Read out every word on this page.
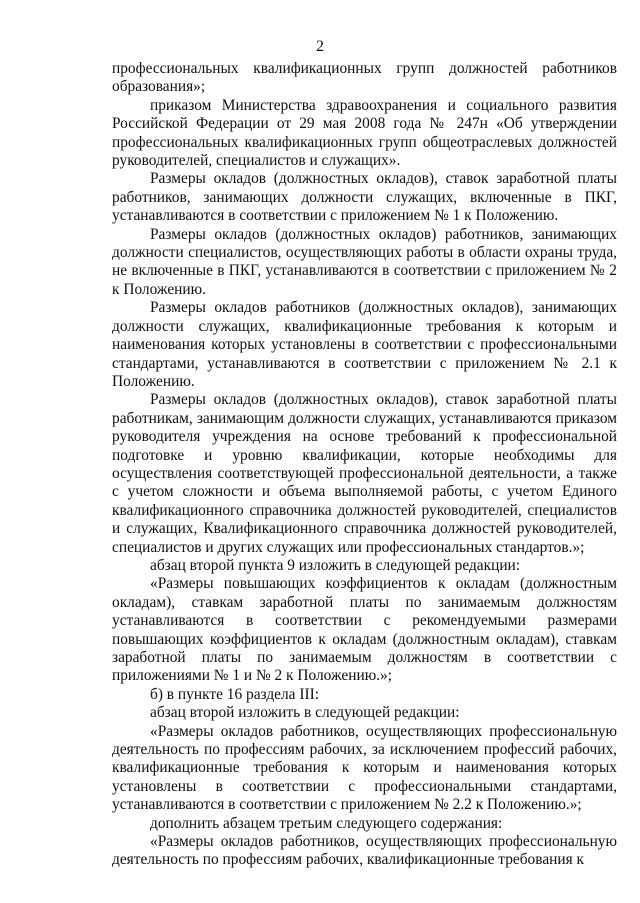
2

профессиональных квалификационных групп должностей работников образования»;

приказом Министерства здравоохранения и социального развития Российской Федерации от 29 мая 2008 года № 247н «Об утверждении профессиональных квалификационных групп общеотраслевых должностей руководителей, специалистов и служащих».

Размеры окладов (должностных окладов), ставок заработной платы работников, занимающих должности служащих, включенные в ПКГ, устанавливаются в соответствии с приложением № 1 к Положению.

Размеры окладов (должностных окладов) работников, занимающих должности специалистов, осуществляющих работы в области охраны труда, не включенные в ПКГ, устанавливаются в соответствии с приложением № 2 к Положению.

Размеры окладов работников (должностных окладов), занимающих должности служащих, квалификационные требования к которым и наименования которых установлены в соответствии с профессиональными стандартами, устанавливаются в соответствии с приложением № 2.1 к Положению.

Размеры окладов (должностных окладов), ставок заработной платы работникам, занимающим должности служащих, устанавливаются приказом руководителя учреждения на основе требований к профессиональной подготовке и уровню квалификации, которые необходимы для осуществления соответствующей профессиональной деятельности, а также с учетом сложности и объема выполняемой работы, с учетом Единого квалификационного справочника должностей руководителей, специалистов и служащих, Квалификационного справочника должностей руководителей, специалистов и других служащих или профессиональных стандартов.»;

абзац второй пункта 9 изложить в следующей редакции:

«Размеры повышающих коэффициентов к окладам (должностным окладам), ставкам заработной платы по занимаемым должностям устанавливаются в соответствии с рекомендуемыми размерами повышающих коэффициентов к окладам (должностным окладам), ставкам заработной платы по занимаемым должностям в соответствии с приложениями № 1 и № 2 к Положению.»;

б) в пункте 16 раздела III:

абзац второй изложить в следующей редакции:

«Размеры окладов работников, осуществляющих профессиональную деятельность по профессиям рабочих, за исключением профессий рабочих, квалификационные требования к которым и наименования которых установлены в соответствии с профессиональными стандартами, устанавливаются в соответствии с приложением № 2.2 к Положению.»;

дополнить абзацем третьим следующего содержания:

«Размеры окладов работников, осуществляющих профессиональную деятельность по профессиям рабочих, квалификационные требования к
